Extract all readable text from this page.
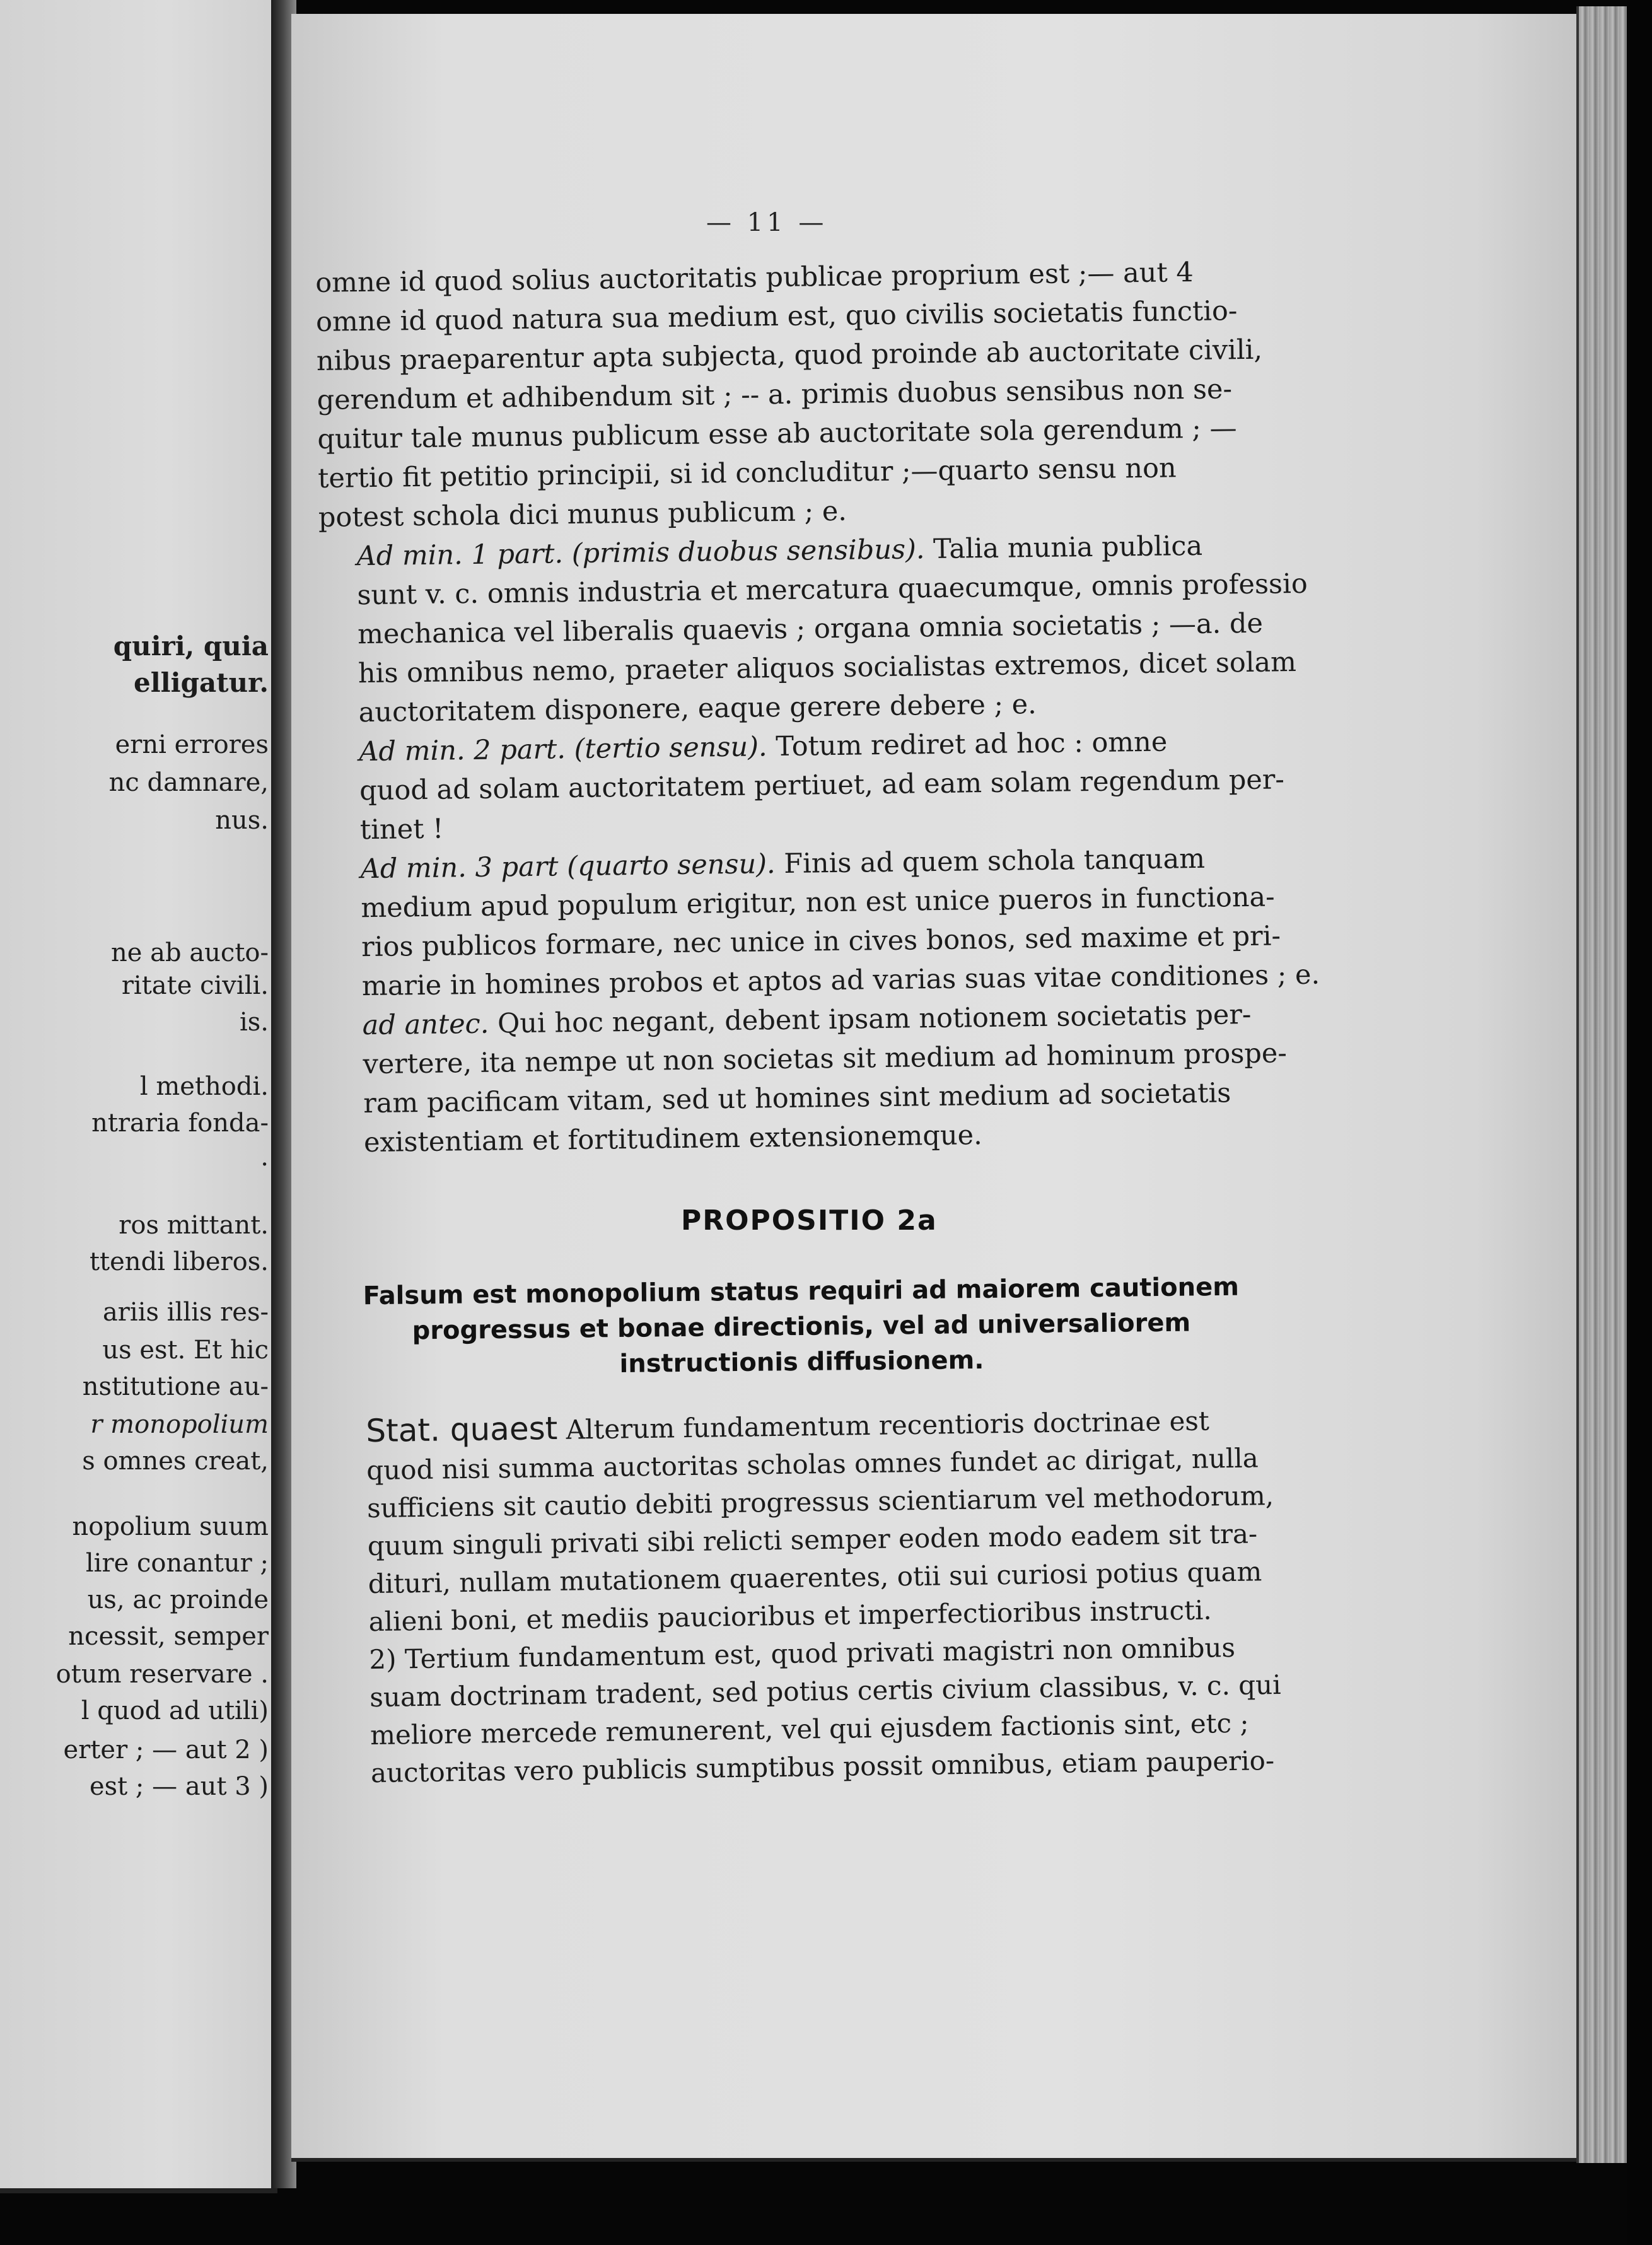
quiri, quia
elligatur.
erni errores
nc damnare,
nus.
ne ab aucto-
ritate civili.
is.
l methodi.
ntraria fonda-
.
ros mittant.
ttendi liberos.
ariis illis res-
us est. Et hic
nstitutione au-
r monopolium
s omnes creat,
nopolium suum
lire conantur ;
us, ac proinde
ncessit, semper
otum reservare .
l quod ad utili)
erter ; — aut 2 )
est ; — aut 3 )
— 11 —

omne id quod solius auctoritatis publicae proprium est ;— aut 4
omne id quod natura sua medium est, quo civilis societatis functio-
nibus praeparentur apta subjecta, quod proinde ab auctoritate civili,
gerendum et adhibendum sit ; -- a. primis duobus sensibus non se-
quitur tale munus publicum esse ab auctoritate sola gerendum ; —
tertio fit petitio principii, si id concluditur ;—quarto sensu non
potest schola dici munus publicum ; e.

Ad min. 1 part. (primis duobus sensibus). Talia munia publica
sunt v. c. omnis industria et mercatura quaecumque, omnis professio
mechanica vel liberalis quaevis ; organa omnia societatis ; —a. de
his omnibus nemo, praeter aliquos socialistas extremos, dicet solam
auctoritatem disponere, eaque gerere debere ; e.

Ad min. 2 part. (tertio sensu). Totum rediret ad hoc : omne
quod ad solam auctoritatem pertiuet, ad eam solam regendum per-
tinet !

Ad min. 3 part (quarto sensu). Finis ad quem schola tanquam
medium apud populum erigitur, non est unice pueros in functiona-
rios publicos formare, nec unice in cives bonos, sed maxime et pri-
marie in homines probos et aptos ad varias suas vitae conditiones ; e.

ad antec. Qui hoc negant, debent ipsam notionem societatis per-
vertere, ita nempe ut non societas sit medium ad hominum prospe-
ram pacificam vitam, sed ut homines sint medium ad societatis
existentiam et fortitudinem extensionemque.

PROPOSITIO 2a
Falsum est monopolium status requiri ad maiorem cautionem
progressus et bonae directionis, vel ad universaliorem
instructionis diffusionem.

Stat. quaest Alterum fundamentum recentioris doctrinae est
quod nisi summa auctoritas scholas omnes fundet ac dirigat, nulla
sufficiens sit cautio debiti progressus scientiarum vel methodorum,
quum singuli privati sibi relicti semper eoden modo eadem sit tra-
dituri, nullam mutationem quaerentes, otii sui curiosi potius quam
alieni boni, et mediis paucioribus et imperfectioribus instructi.

2) Tertium fundamentum est, quod privati magistri non omnibus
suam doctrinam tradent, sed potius certis civium classibus, v. c. qui
meliore mercede remunerent, vel qui ejusdem factionis sint, etc ;
auctoritas vero publicis sumptibus possit omnibus, etiam pauperio-
